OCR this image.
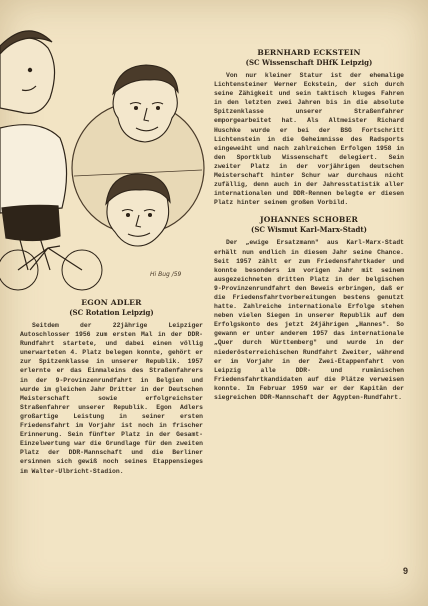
Hi Bug /59

EGON ADLER

(SC Rotation Leipzig)

Seitdem der 22jährige Leipziger Autoschlosser 1956 zum ersten Mal in der DDR-Rundfahrt startete, und dabei einen völlig unerwarteten 4. Platz belegen konnte, gehört er zur Spitzenklasse in unserer Republik. 1957 erlernte er das Einmaleins des Straßenfahrers in der 9-Provinzenrundfahrt in Belgien und wurde im gleichen Jahr Dritter in der Deutschen Meisterschaft sowie erfolgreichster Straßenfahrer unserer Republik. Egon Adlers großartige Leistung in seiner ersten Friedensfahrt im Vorjahr ist noch in frischer Erinnerung. Sein fünfter Platz in der Gesamt-Einzelwertung war die Grundlage für den zweiten Platz der DDR-Mannschaft und die Berliner ersinnen sich gewiß noch seines Etappensieges im Walter-Ulbricht-Stadion.

BERNHARD ECKSTEIN

(SC Wissenschaft DHfK Leipzig)

Von nur kleiner Statur ist der ehemalige Lichtensteiner Werner Eckstein, der sich durch seine Zähigkeit und sein taktisch kluges Fahren in den letzten zwei Jahren bis in die absolute Spitzenklasse unserer Straßenfahrer emporgearbeitet hat. Als Altmeister Richard Huschke wurde er bei der BSG Fortschritt Lichtenstein in die Geheimnisse des Radsports eingeweiht und nach zahlreichen Erfolgen 1958 in den Sportklub Wissenschaft delegiert. Sein zweiter Platz in der vorjährigen deutschen Meisterschaft hinter Schur war durchaus nicht zufällig, denn auch in der Jahresstatistik aller internationalen und DDR-Rennen belegte er diesen Platz hinter seinem großen Vorbild.

JOHANNES SCHOBER

(SC Wismut Karl-Marx-Stadt)

Der „ewige Ersatzmann" aus Karl-Marx-Stadt erhält nun endlich in diesem Jahr seine Chance. Seit 1957 zählt er zum Friedensfahrtkader und konnte besonders im vorigen Jahr mit seinem ausgezeichneten dritten Platz in der belgischen 9-Provinzenrundfahrt den Beweis erbringen, daß er die Friedensfahrtvorbereitungen bestens genutzt hatte. Zahlreiche internationale Erfolge stehen neben vielen Siegen in unserer Republik auf dem Erfolgskonto des jetzt 24jährigen „Hannes". So gewann er unter anderem 1957 das internationale „Quer durch Württemberg" und wurde in der niederösterreichischen Rundfahrt Zweiter, während er im Vorjahr in der Zwei-Etappenfahrt von Leipzig alle DDR- und rumänischen Friedensfahrtkandidaten auf die Plätze verweisen konnte. Im Februar 1959 war er der Kapitän der siegreichen DDR-Mannschaft der Ägypten-Rundfahrt.

9
